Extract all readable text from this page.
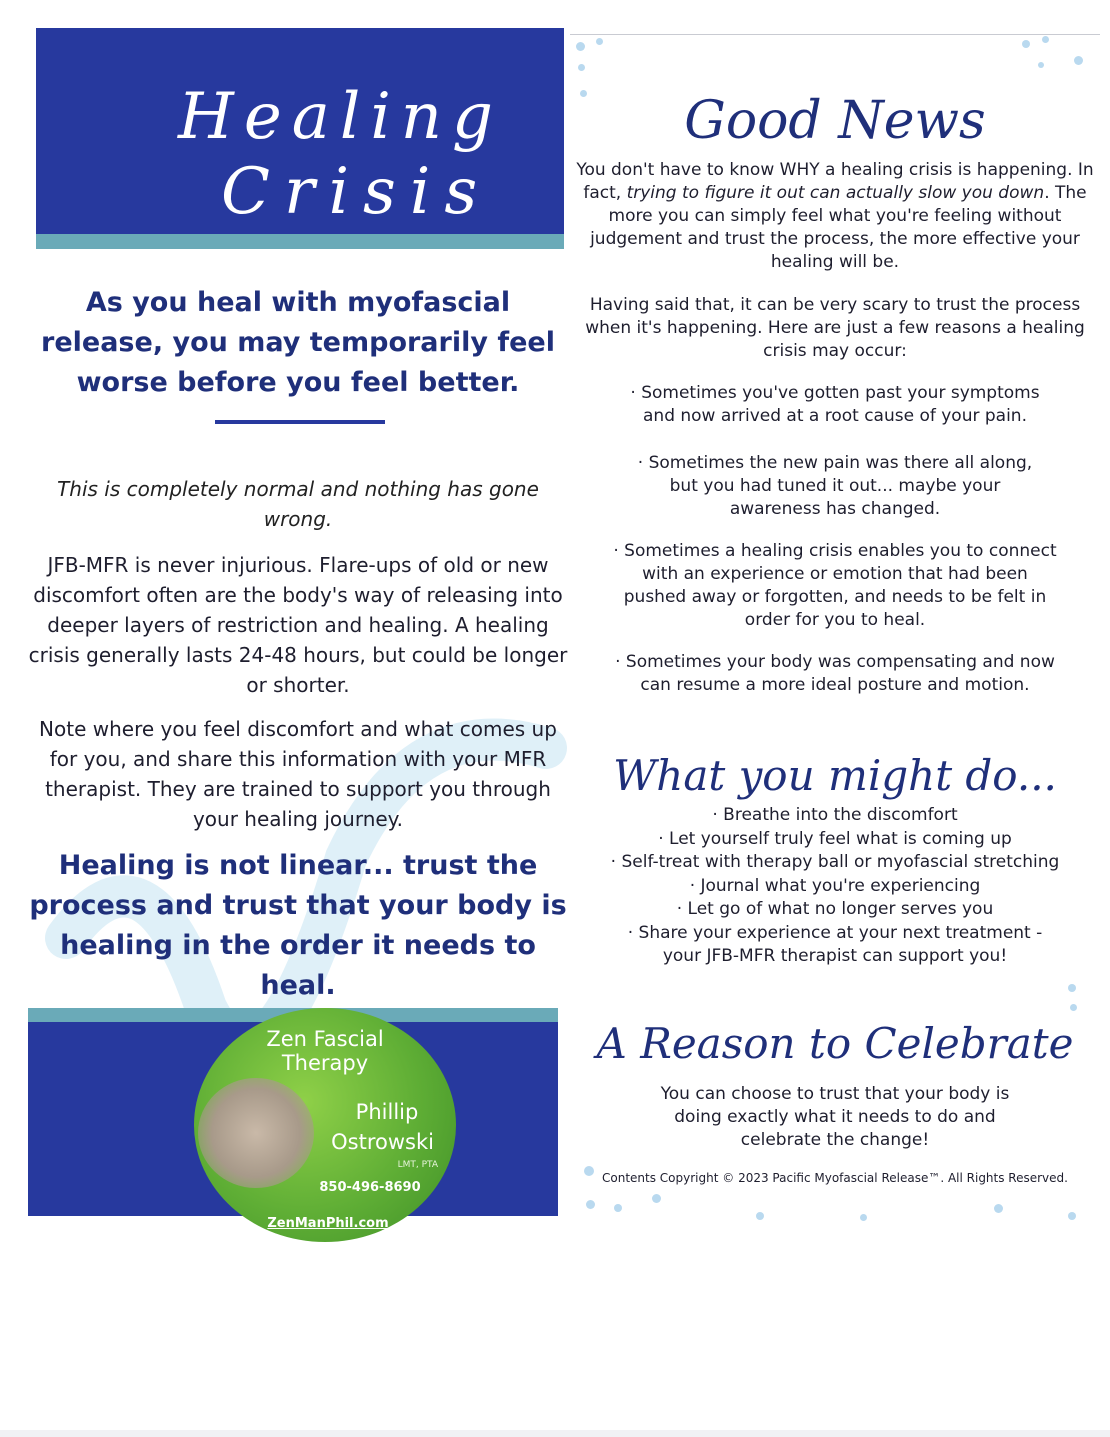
Healing
Crisis
As you heal with myofascial release, you may temporarily feel worse before you feel better.
This is completely normal and nothing has gone wrong.
JFB-MFR is never injurious. Flare-ups of old or new discomfort often are the body's way of releasing into deeper layers of restriction and healing. A healing crisis generally lasts 24-48 hours, but could be longer or shorter.
Note where you feel discomfort and what comes up for you, and share this information with your MFR therapist. They are trained to support you through your healing journey.
Healing is not linear... trust the process and trust that your body is healing in the order it needs to heal.
Zen Fascial
Therapy
Phillip
Ostrowski
LMT, PTA
850-496-8690
ZenManPhil.com
Good News
You don't have to know WHY a healing crisis is happening. In fact, trying to figure it out can actually slow you down. The more you can simply feel what you're feeling without judgement and trust the process, the more effective your healing will be.
Having said that, it can be very scary to trust the process when it's happening. Here are just a few reasons a healing crisis may occur:
· Sometimes you've gotten past your symptoms and now arrived at a root cause of your pain.
· Sometimes the new pain was there all along, but you had tuned it out... maybe your awareness has changed.
· Sometimes a healing crisis enables you to connect with an experience or emotion that had been pushed away or forgotten, and needs to be felt in order for you to heal.
· Sometimes your body was compensating and now can resume a more ideal posture and motion.
What you might do...
· Breathe into the discomfort
· Let yourself truly feel what is coming up
· Self-treat with therapy ball or myofascial stretching
· Journal what you're experiencing
· Let go of what no longer serves you
· Share your experience at your next treatment - your JFB-MFR therapist can support you!
A Reason to Celebrate
You can choose to trust that your body is doing exactly what it needs to do and celebrate the change!
Contents Copyright © 2023 Pacific Myofascial Release™. All Rights Reserved.
